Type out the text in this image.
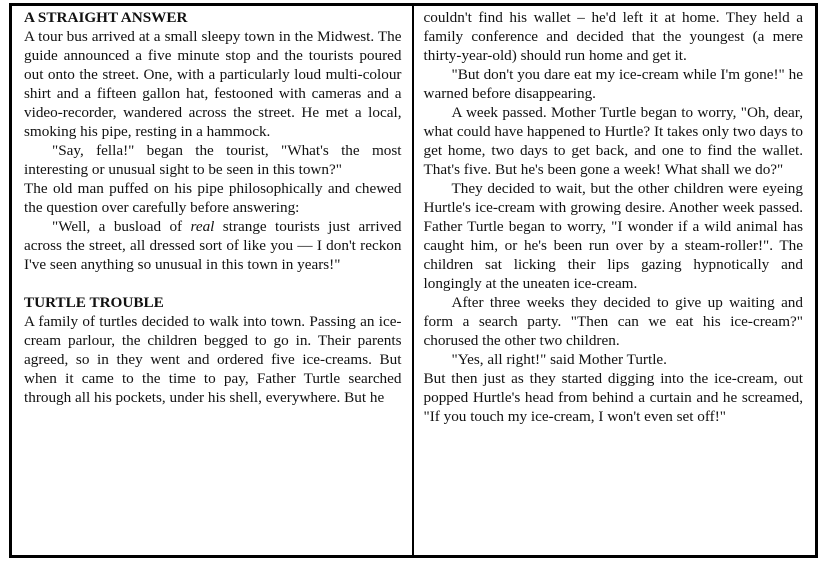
A STRAIGHT ANSWER

A tour bus arrived at a small sleepy town in the Midwest. The guide announced a five minute stop and the tourists poured out onto the street. One, with a particularly loud multi-colour shirt and a fifteen gallon hat, festooned with cameras and a video-recorder, wandered across the street. He met a local, smoking his pipe, resting in a hammock.

"Say, fella!" began the tourist, "What's the most interesting or unusual sight to be seen in this town?"

The old man puffed on his pipe philosophically and chewed the question over carefully before answering:

"Well, a busload of real strange tourists just arrived across the street, all dressed sort of like you — I don't reckon I've seen anything so unusual in this town in years!"

TURTLE TROUBLE

A family of turtles decided to walk into town. Passing an ice-cream parlour, the children begged to go in. Their parents agreed, so in they went and ordered five ice-creams. But when it came to the time to pay, Father Turtle searched through all his pockets, under his shell, everywhere. But he

couldn't find his wallet – he'd left it at home. They held a family conference and decided that the youngest (a mere thirty-year-old) should run home and get it.

"But don't you dare eat my ice-cream while I'm gone!" he warned before disappearing.

A week passed. Mother Turtle began to worry, "Oh, dear, what could have happened to Hurtle? It takes only two days to get home, two days to get back, and one to find the wallet. That's five. But he's been gone a week! What shall we do?"

They decided to wait, but the other children were eyeing Hurtle's ice-cream with growing desire. Another week passed. Father Turtle began to worry, "I wonder if a wild animal has caught him, or he's been run over by a steam-roller!". The children sat licking their lips gazing hypnotically and longingly at the uneaten ice-cream.

After three weeks they decided to give up waiting and form a search party. "Then can we eat his ice-cream?" chorused the other two children.

"Yes, all right!" said Mother Turtle.

But then just as they started digging into the ice-cream, out popped Hurtle's head from behind a curtain and he screamed, "If you touch my ice-cream, I won't even set off!"
